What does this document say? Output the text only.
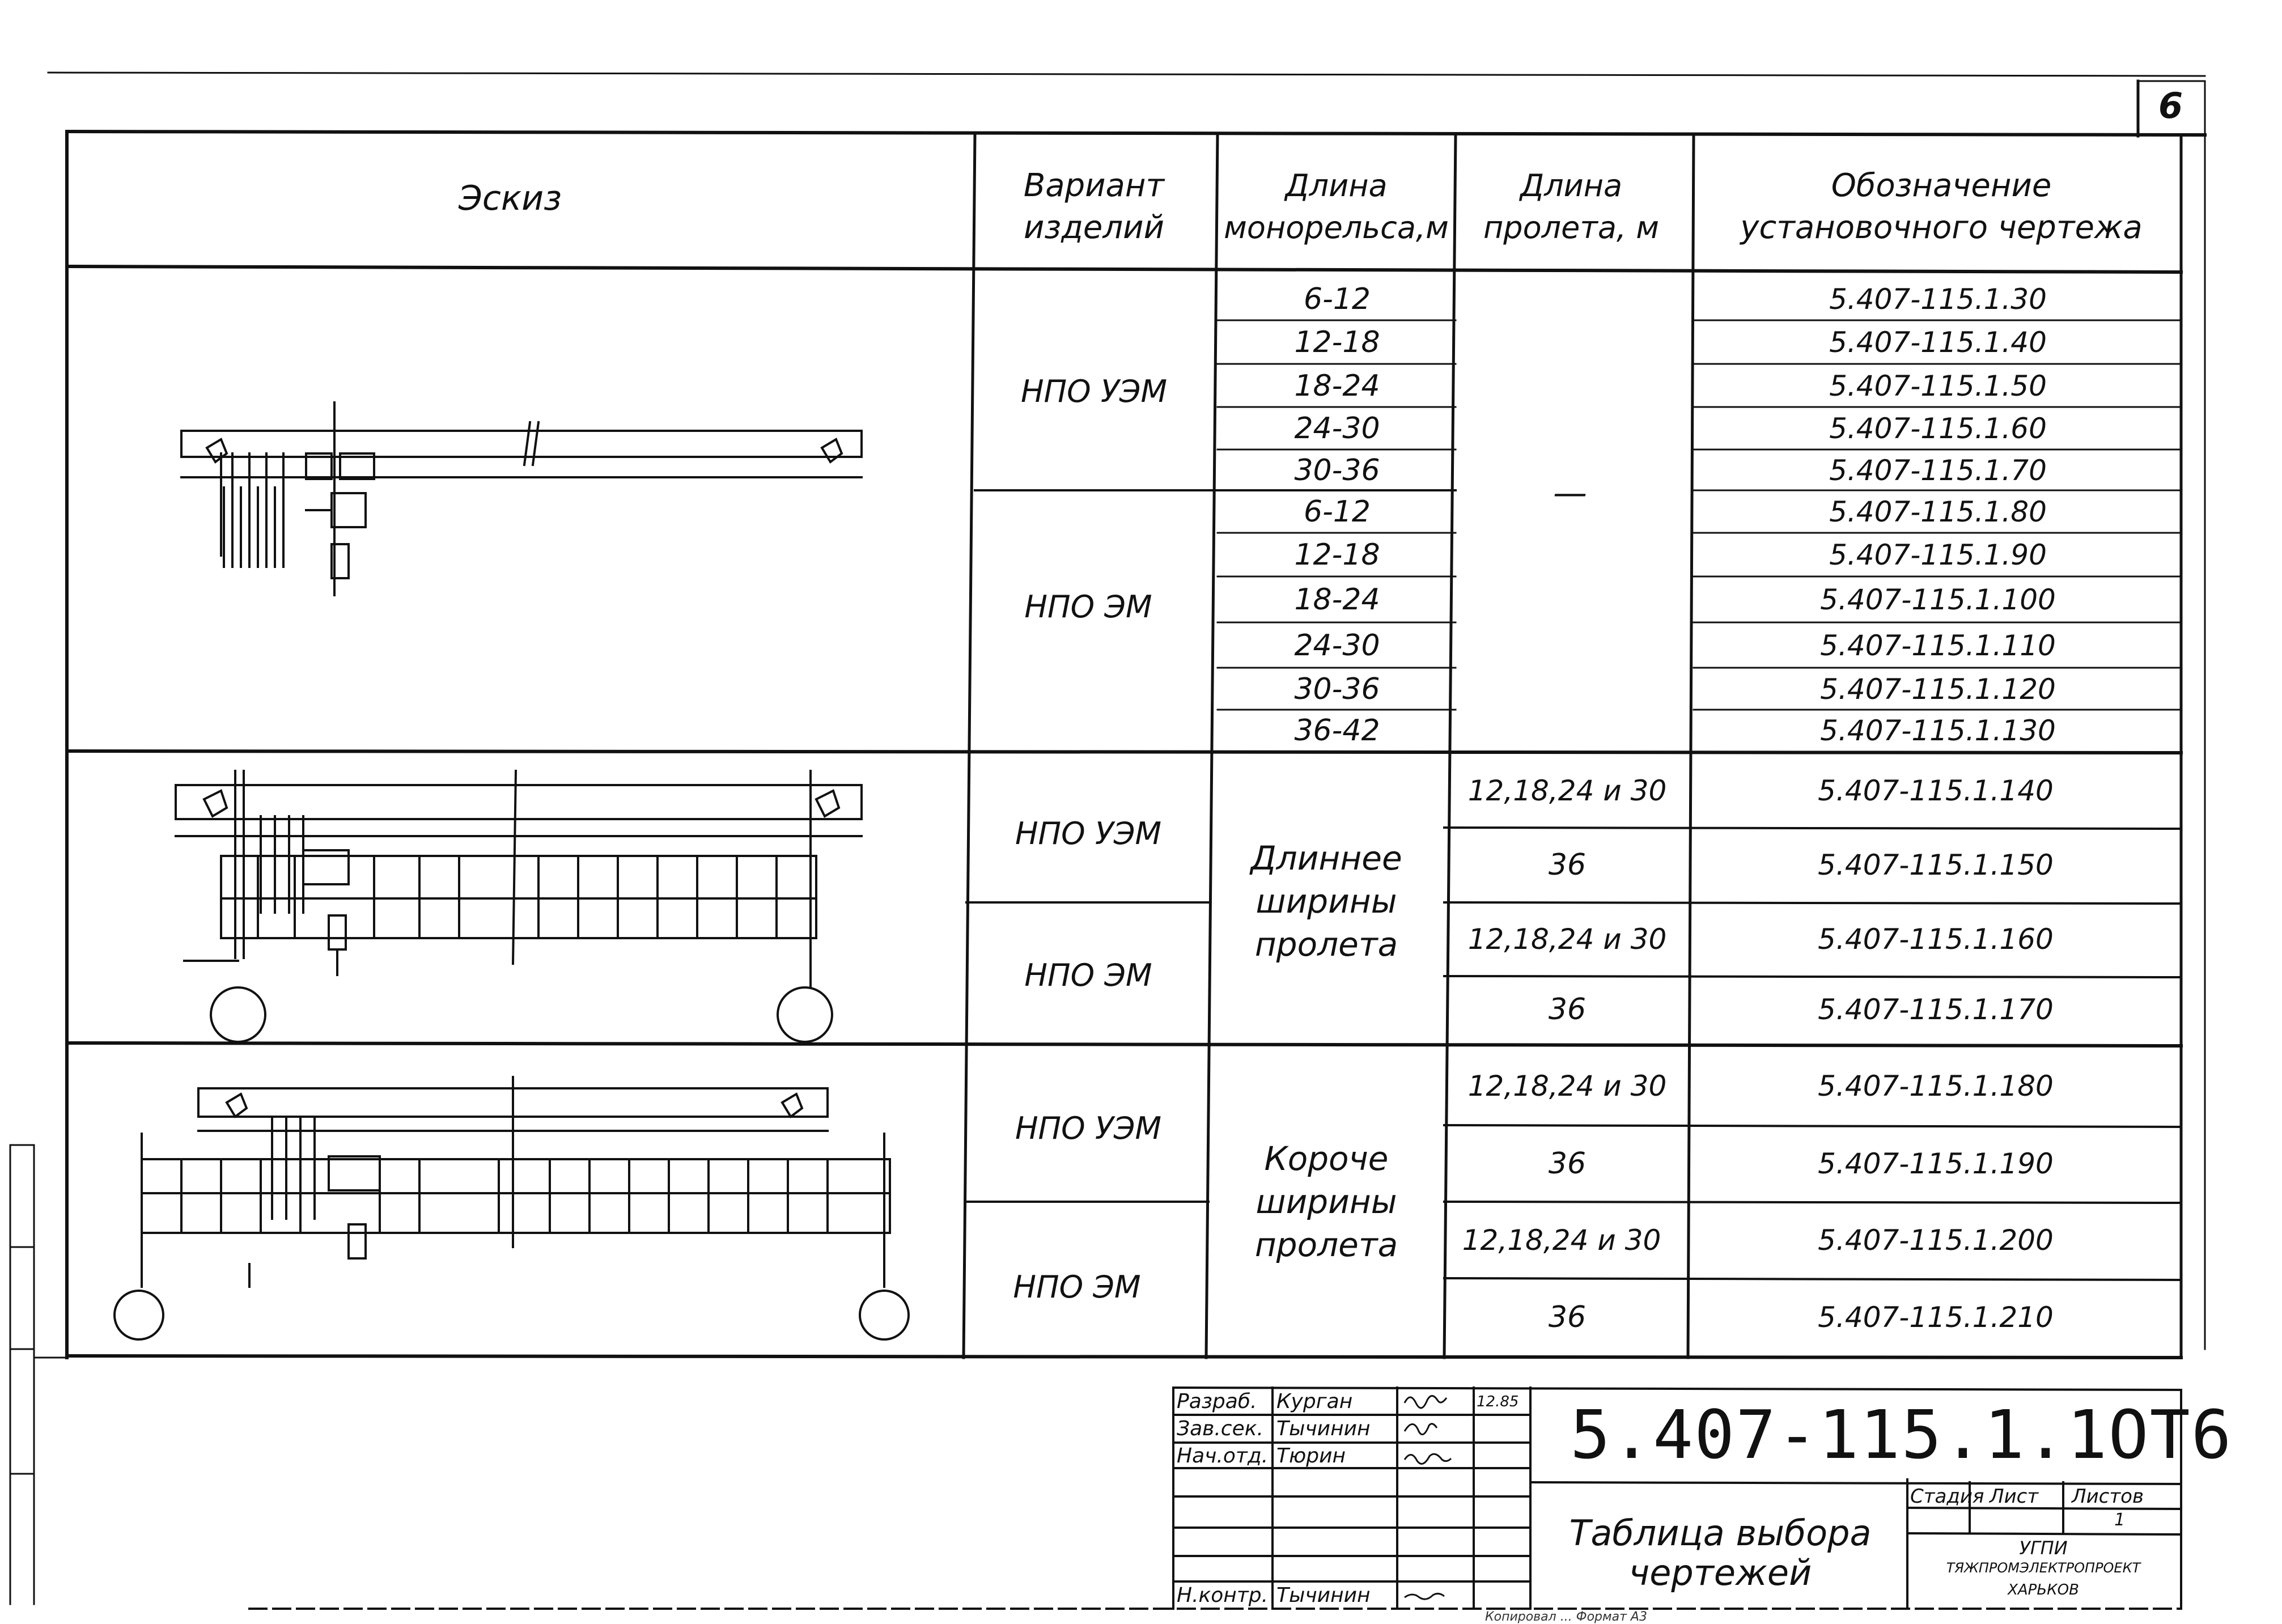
6
Эскиз	Вариант изделий
Длина монорельса,м
Длина пролета, м
Обозначение установочного чертежа
НПО УЭМ
НПО ЭМ
—
6-12
12-18
18-24
24-30
30-36
6-12
12-18
18-24
24-30
30-36
36-42
5.407-115.1.30
5.407-115.1.40
5.407-115.1.50
5.407-115.1.60
5.407-115.1.70
5.407-115.1.80
5.407-115.1.90
5.407-115.1.100
5.407-115.1.110
5.407-115.1.120
5.407-115.1.130
НПО УЭМ
НПО ЭМ
Длиннее ширины пролета
12,18,24 и 30
36
12,18,24 и 30
36
5.407-115.1.140
5.407-115.1.150
5.407-115.1.160
5.407-115.1.170
НПО УЭМ
НПО ЭМ
Короче ширины пролета
12,18,24 и 30
36
12,18,24 и 30
36
5.407-115.1.180
5.407-115.1.190
5.407-115.1.200
5.407-115.1.210
Разраб. Курган	12.85
Зав.сек. Тычинин
Нач.отд. Тюрин
Н.контр. Тычинин
5.407-115.1.1ОТ6
Таблица выбора чертежей
Стадия Лист Листов
1
УГПИ
ТЯЖПРОМЭЛЕКТРОПРОЕКТ
ХАРЬКОВ
Копировал ... Формат А3
